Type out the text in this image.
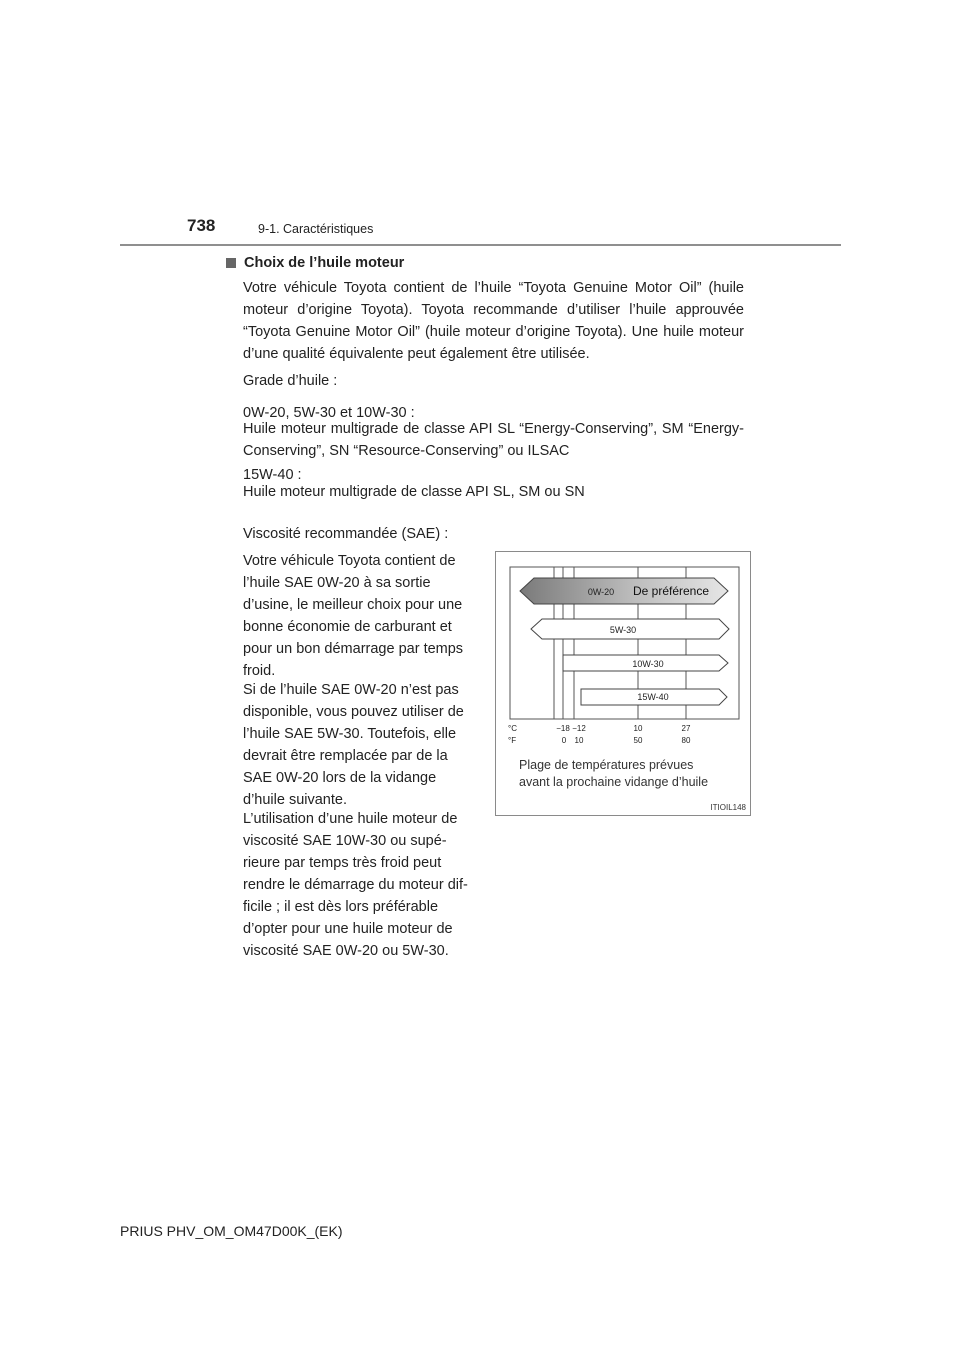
738	9-1. Caractéristiques
Choix de l’huile moteur

Votre véhicule Toyota contient de l’huile “Toyota Genuine Motor Oil” (huile moteur d’origine Toyota). Toyota recommande d’utiliser l’huile approuvée “Toyota Genuine Motor Oil” (huile moteur d’origine Toyota). Une huile moteur d’une qualité équivalente peut également être utilisée.

Grade d’huile :

0W-20, 5W-30 et 10W-30 :

Huile moteur multigrade de classe API SL “Energy-Conserving”, SM “Energy-Conserving”, SN “Resource-Conserving” ou ILSAC

15W-40 :

Huile moteur multigrade de classe API SL, SM ou SN

Viscosité recommandée (SAE) :

Votre véhicule Toyota contient de
l’huile SAE 0W-20 à sa sortie
d’usine, le meilleur choix pour une
bonne économie de carburant et
pour un bon démarrage par temps
froid.
Si de l’huile SAE 0W-20 n’est pas
disponible, vous pouvez utiliser de
l’huile SAE 5W-30. Toutefois, elle
devrait être remplacée par de la
SAE 0W-20 lors de la vidange
d’huile suivante.
L’utilisation d’une huile moteur de
viscosité SAE 10W-30 ou supé-
rieure par temps très froid peut
rendre le démarrage du moteur dif-
ficile ; il est dès lors préférable
d’opter pour une huile moteur de
viscosité SAE 0W-20 ou 5W-30.
0W-20 De préférence
5W-30
10W-30
15W-40
°C
°F
−18 −12	10	27
0 10	50	80
Plage de températures prévues
avant la prochaine vidange d’huile
ITIOIL148
PRIUS PHV_OM_OM47D00K_(EK)
